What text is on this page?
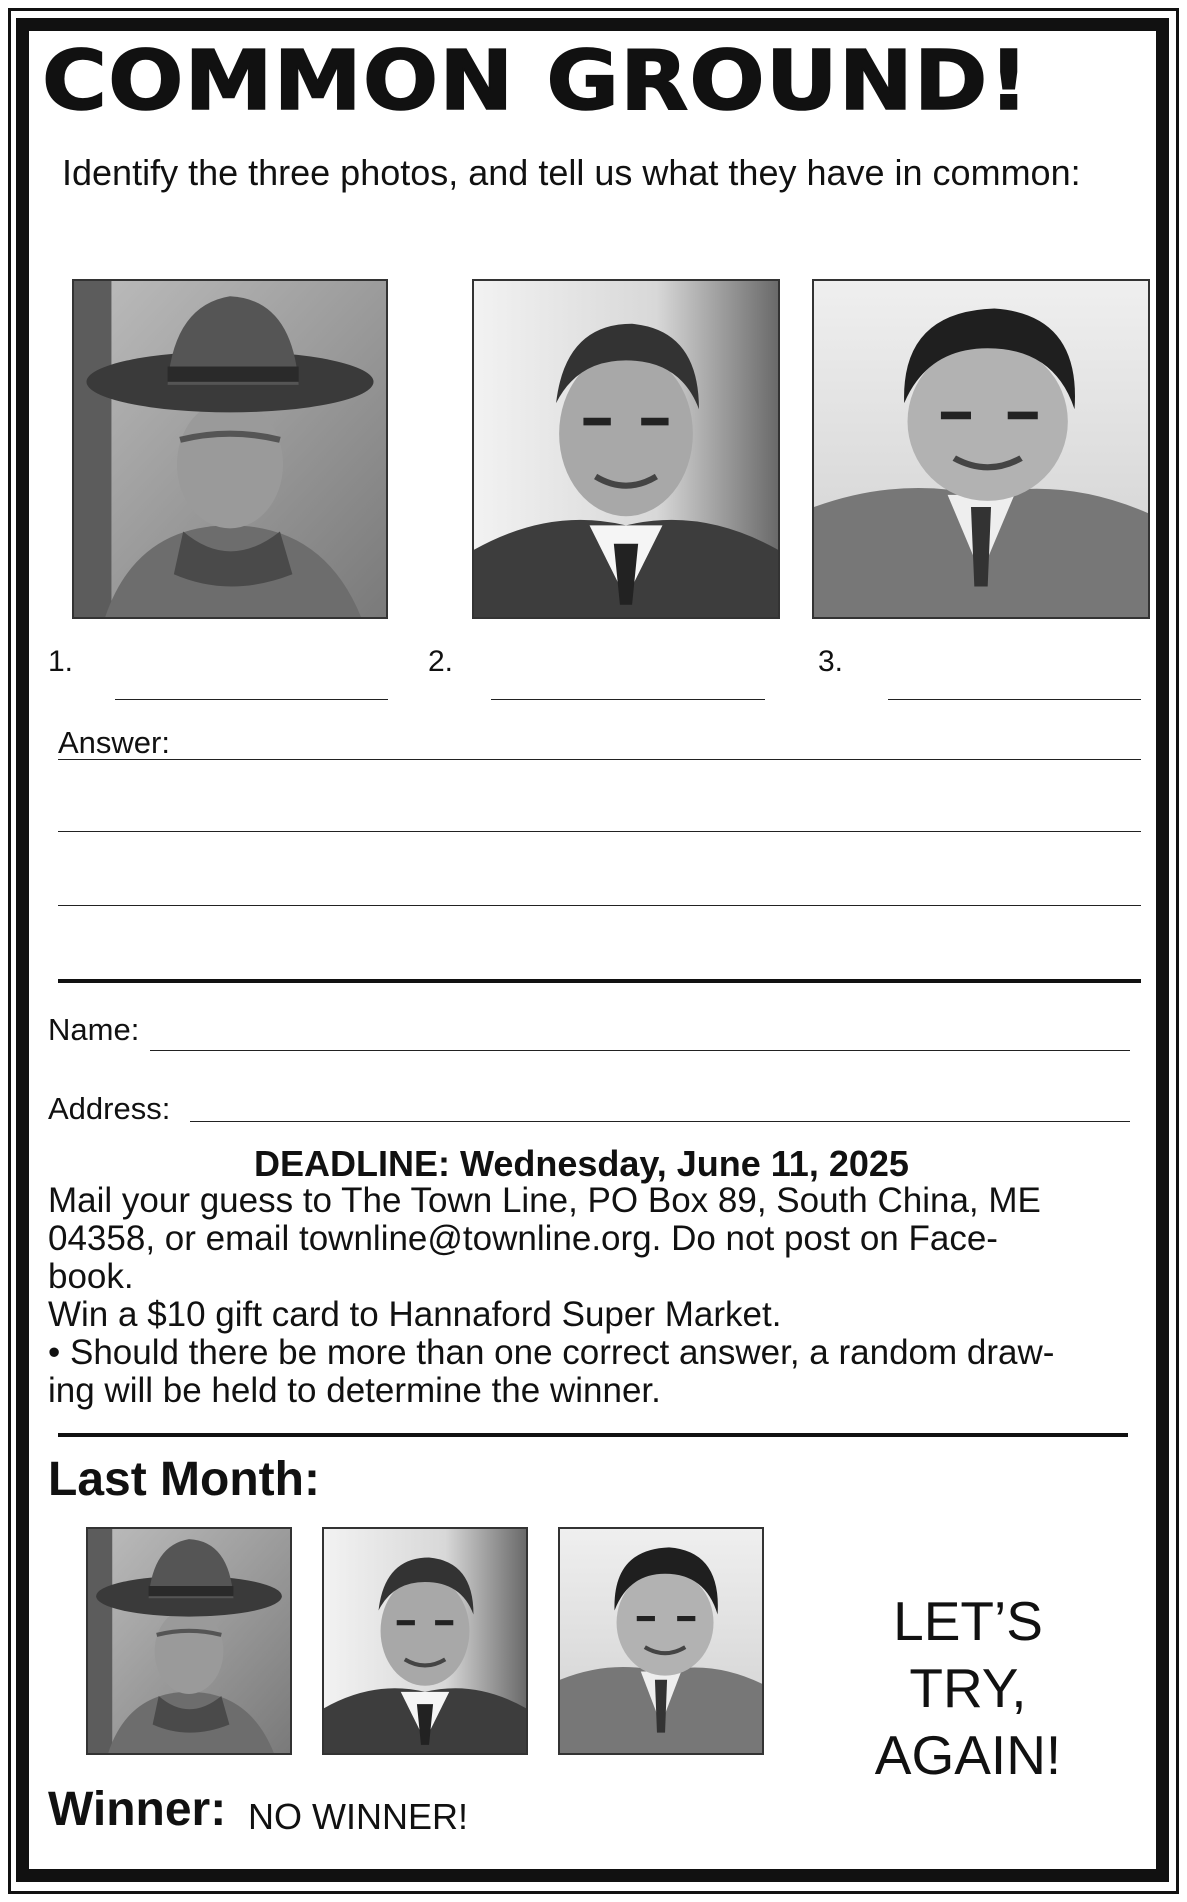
COMMON GROUND!
Identify the three photos, and tell us what they have in common:
1.	2.	3.
Answer:
Name:
Address:
DEADLINE: Wednesday, June 11, 2025
Mail your guess to The Town Line, PO Box 89, South China, ME
04358, or email townline@townline.org. Do not post on Face-
book.
Win a $10 gift card to Hannaford Super Market.
• Should there be more than one correct answer, a random draw-
ing will be held to determine the winner.
Last Month:
LET’S
TRY,
AGAIN!
Winner: NO WINNER!
